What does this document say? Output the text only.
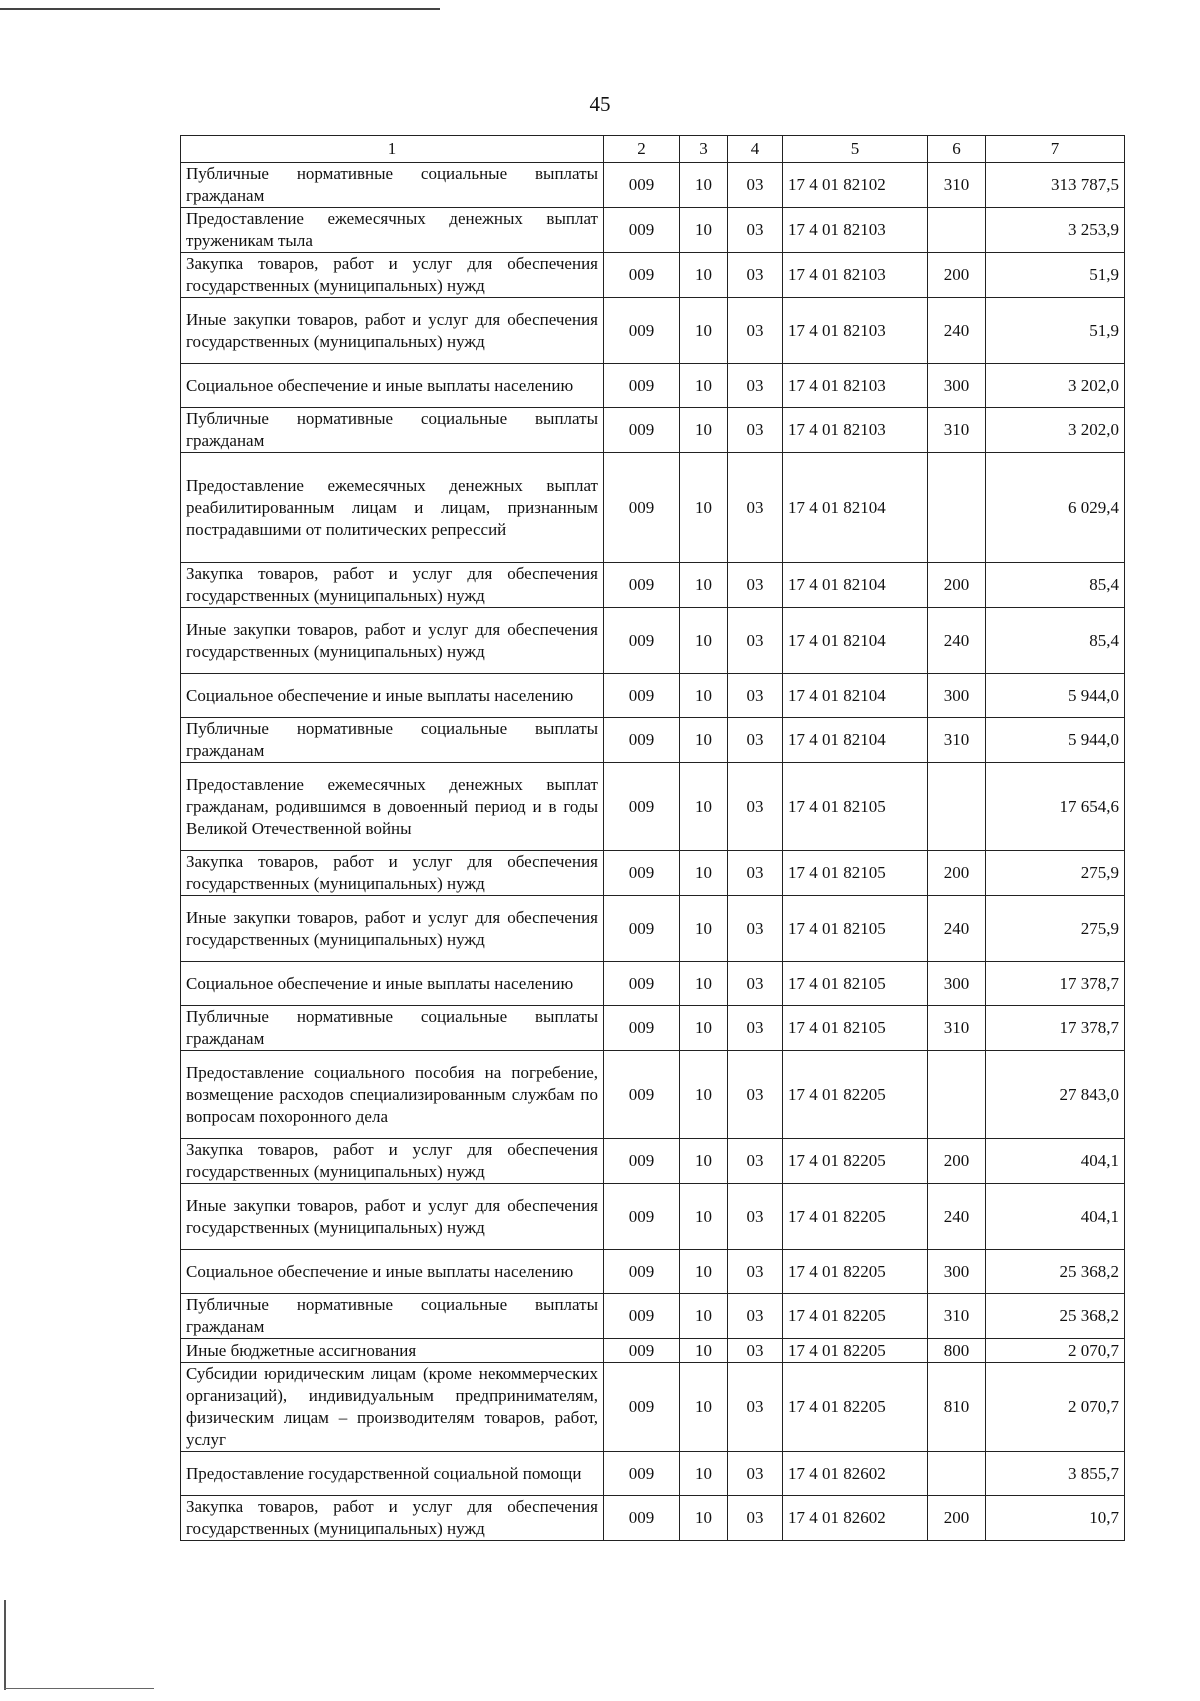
45
1	2	3	4	5	6	7
Публичные нормативные социальные выплаты гражданам	009	10	03	17 4 01 82102	310	313 787,5
Предоставление ежемесячных денежных выплат труженикам тыла	009	10	03	17 4 01 82103		3 253,9
Закупка товаров, работ и услуг для обеспечения государственных (муниципальных) нужд	009	10	03	17 4 01 82103	200	51,9
Иные закупки товаров, работ и услуг для обеспечения государственных (муниципальных) нужд	009	10	03	17 4 01 82103	240	51,9
Социальное обеспечение и иные выплаты населению	009	10	03	17 4 01 82103	300	3 202,0
Публичные нормативные социальные выплаты гражданам	009	10	03	17 4 01 82103	310	3 202,0
Предоставление ежемесячных денежных выплат реабилитированным лицам и лицам, признанным пострадавшими от политических репрессий	009	10	03	17 4 01 82104		6 029,4
Закупка товаров, работ и услуг для обеспечения государственных (муниципальных) нужд	009	10	03	17 4 01 82104	200	85,4
Иные закупки товаров, работ и услуг для обеспечения государственных (муниципальных) нужд	009	10	03	17 4 01 82104	240	85,4
Социальное обеспечение и иные выплаты населению	009	10	03	17 4 01 82104	300	5 944,0
Публичные нормативные социальные выплаты гражданам	009	10	03	17 4 01 82104	310	5 944,0
Предоставление ежемесячных денежных выплат гражданам, родившимся в довоенный период и в годы Великой Отечественной войны	009	10	03	17 4 01 82105		17 654,6
Закупка товаров, работ и услуг для обеспечения государственных (муниципальных) нужд	009	10	03	17 4 01 82105	200	275,9
Иные закупки товаров, работ и услуг для обеспечения государственных (муниципальных) нужд	009	10	03	17 4 01 82105	240	275,9
Социальное обеспечение и иные выплаты населению	009	10	03	17 4 01 82105	300	17 378,7
Публичные нормативные социальные выплаты гражданам	009	10	03	17 4 01 82105	310	17 378,7
Предоставление социального пособия на погребение, возмещение расходов специализированным службам по вопросам похоронного дела	009	10	03	17 4 01 82205		27 843,0
Закупка товаров, работ и услуг для обеспечения государственных (муниципальных) нужд	009	10	03	17 4 01 82205	200	404,1
Иные закупки товаров, работ и услуг для обеспечения государственных (муниципальных) нужд	009	10	03	17 4 01 82205	240	404,1
Социальное обеспечение и иные выплаты населению	009	10	03	17 4 01 82205	300	25 368,2
Публичные нормативные социальные выплаты гражданам	009	10	03	17 4 01 82205	310	25 368,2
Иные бюджетные ассигнования	009	10	03	17 4 01 82205	800	2 070,7
Субсидии юридическим лицам (кроме некоммерческих организаций), индивидуальным предпринимателям, физическим лицам – производителям товаров, работ, услуг	009	10	03	17 4 01 82205	810	2 070,7
Предоставление государственной социальной помощи	009	10	03	17 4 01 82602		3 855,7
Закупка товаров, работ и услуг для обеспечения государственных (муниципальных) нужд	009	10	03	17 4 01 82602	200	10,7
